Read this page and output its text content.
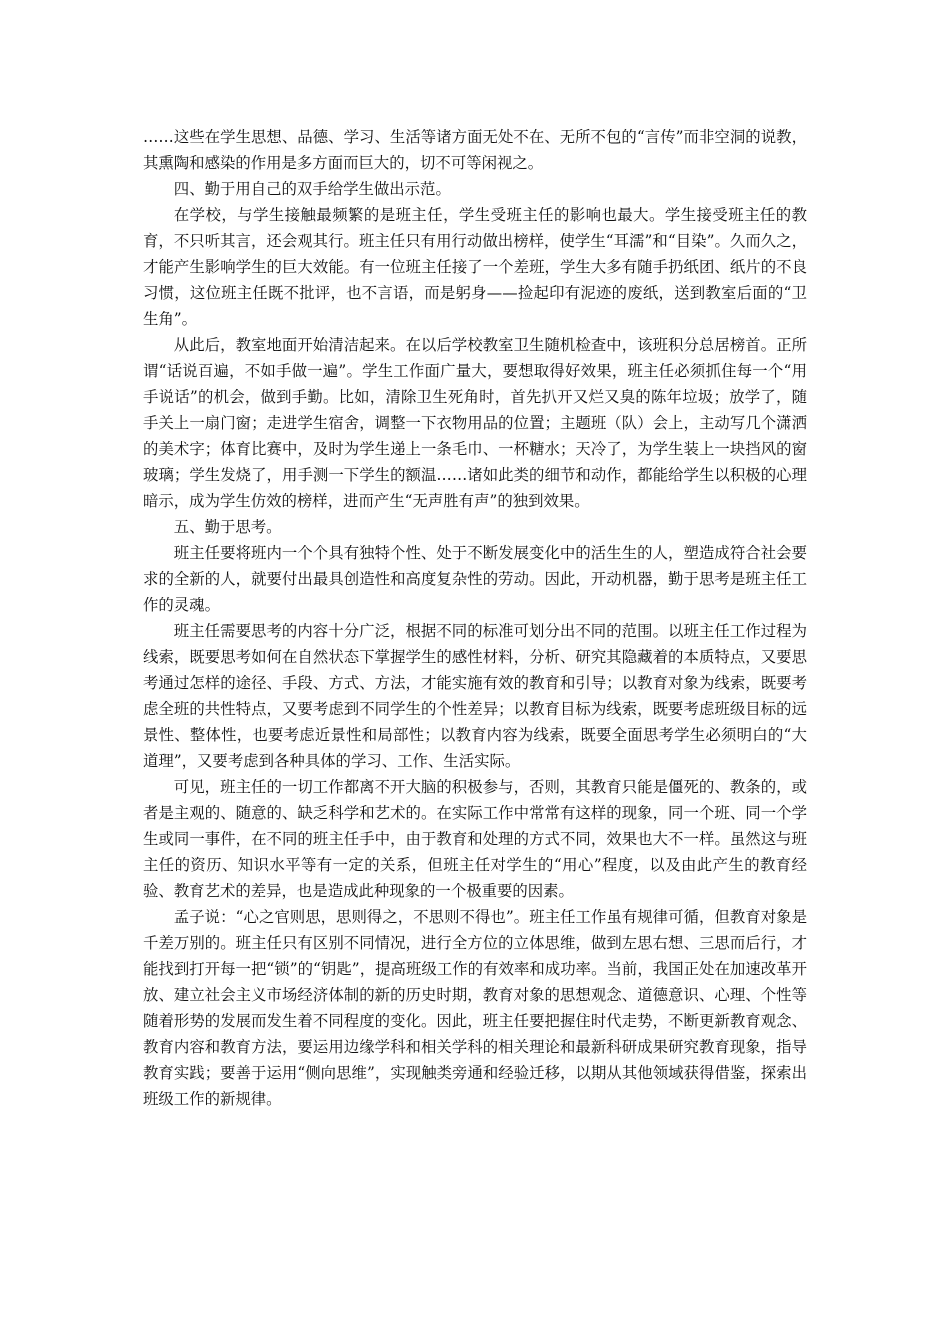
……这些在学生思想、品德、学习、生活等诸方面无处不在、无所不包的“言传”而非空洞的说教，其熏陶和感染的作用是多方面而巨大的，切不可等闲视之。

四、勤于用自己的双手给学生做出示范。

在学校，与学生接触最频繁的是班主任，学生受班主任的影响也最大。学生接受班主任的教育，不只听其言，还会观其行。班主任只有用行动做出榜样，使学生“耳濡”和“目染”。久而久之，才能产生影响学生的巨大效能。有一位班主任接了一个差班，学生大多有随手扔纸团、纸片的不良习惯，这位班主任既不批评，也不言语，而是躬身——捡起印有泥迹的废纸，送到教室后面的“卫生角”。

从此后，教室地面开始清洁起来。在以后学校教室卫生随机检查中，该班积分总居榜首。正所谓“话说百遍，不如手做一遍”。学生工作面广量大，要想取得好效果，班主任必须抓住每一个“用手说话”的机会，做到手勤。比如，清除卫生死角时，首先扒开又烂又臭的陈年垃圾；放学了，随手关上一扇门窗；走进学生宿舍，调整一下衣物用品的位置；主题班（队）会上，主动写几个潇洒的美术字；体育比赛中，及时为学生递上一条毛巾、一杯糖水；天冷了，为学生装上一块挡风的窗玻璃；学生发烧了，用手测一下学生的额温……诸如此类的细节和动作，都能给学生以积极的心理暗示，成为学生仿效的榜样，进而产生“无声胜有声”的独到效果。

五、勤于思考。

班主任要将班内一个个具有独特个性、处于不断发展变化中的活生生的人，塑造成符合社会要求的全新的人，就要付出最具创造性和高度复杂性的劳动。因此，开动机器，勤于思考是班主任工作的灵魂。

班主任需要思考的内容十分广泛，根据不同的标准可划分出不同的范围。以班主任工作过程为线索，既要思考如何在自然状态下掌握学生的感性材料，分析、研究其隐藏着的本质特点，又要思考通过怎样的途径、手段、方式、方法，才能实施有效的教育和引导；以教育对象为线索，既要考虑全班的共性特点，又要考虑到不同学生的个性差异；以教育目标为线索，既要考虑班级目标的远景性、整体性，也要考虑近景性和局部性；以教育内容为线索，既要全面思考学生必须明白的“大道理”，又要考虑到各种具体的学习、工作、生活实际。

可见，班主任的一切工作都离不开大脑的积极参与，否则，其教育只能是僵死的、教条的，或者是主观的、随意的、缺乏科学和艺术的。在实际工作中常常有这样的现象，同一个班、同一个学生或同一事件，在不同的班主任手中，由于教育和处理的方式不同，效果也大不一样。虽然这与班主任的资历、知识水平等有一定的关系，但班主任对学生的“用心”程度，以及由此产生的教育经验、教育艺术的差异，也是造成此种现象的一个极重要的因素。

孟子说：“心之官则思，思则得之，不思则不得也”。班主任工作虽有规律可循，但教育对象是千差万别的。班主任只有区别不同情况，进行全方位的立体思维，做到左思右想、三思而后行，才能找到打开每一把“锁”的“钥匙”，提高班级工作的有效率和成功率。当前，我国正处在加速改革开放、建立社会主义市场经济体制的新的历史时期，教育对象的思想观念、道德意识、心理、个性等随着形势的发展而发生着不同程度的变化。因此，班主任要把握住时代走势，不断更新教育观念、教育内容和教育方法，要运用边缘学科和相关学科的相关理论和最新科研成果研究教育现象，指导教育实践；要善于运用“侧向思维”，实现触类旁通和经验迁移，以期从其他领域获得借鉴，探索出班级工作的新规律。
